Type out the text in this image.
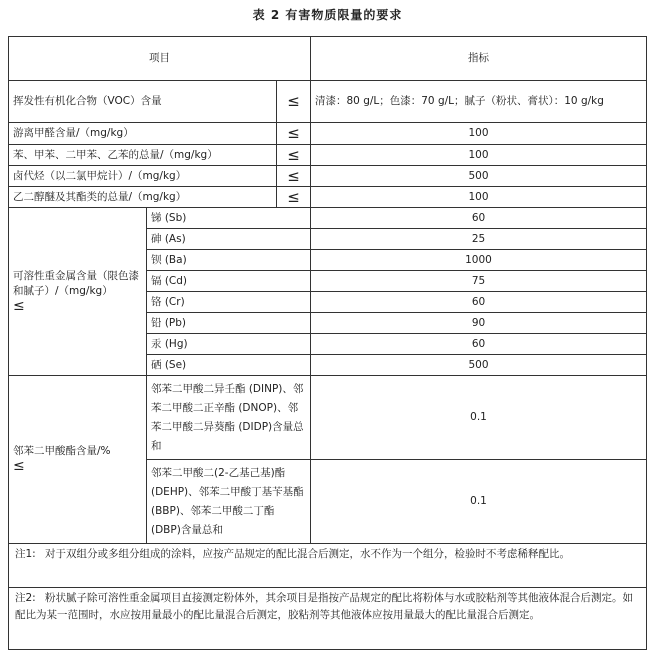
表 2 有害物质限量的要求
项目			指标
挥发性有机化合物（VOC）含量		≤	清漆：80 g/L；色漆：70 g/L；腻子（粉状、膏状）：10 g/kg
游离甲醛含量/（mg/kg）		≤	100
苯、甲苯、二甲苯、乙苯的总量/（mg/kg）		≤	100
卤代烃（以二氯甲烷计）/（mg/kg）		≤	500
乙二醇醚及其酯类的总量/（mg/kg）		≤	100
可溶性重金属含量（限色漆和腻子）/（mg/kg）
≤	锑 (Sb)		60
	砷 (As)		25
	钡 (Ba)		1000
	镉 (Cd)		75
	铬 (Cr)		60
	铅 (Pb)		90
	汞 (Hg)		60
	硒 (Se)		500
邻苯二甲酸酯含量/%
≤	邻苯二甲酸二异壬酯 (DINP)、邻苯二甲酸二正辛酯 (DNOP)、邻苯二甲酸二异葵酯 (DIDP)含量总和		0.1
	邻苯二甲酸二(2-乙基己基)酯 (DEHP)、邻苯二甲酸丁基苄基酯 (BBP)、邻苯二甲酸二丁酯 (DBP)含量总和		0.1
注1: 对于双组分或多组分组成的涂料，应按产品规定的配比混合后测定，水不作为一个组分，检验时不考虑稀释配比。			
注2: 粉状腻子除可溶性重金属项目直接测定粉体外，其余项目是指按产品规定的配比将粉体与水或胶粘剂等其他液体混合后测定。如配比为某一范围时，水应按用量最小的配比量混合后测定，胶粘剂等其他液体应按用量最大的配比量混合后测定。			
